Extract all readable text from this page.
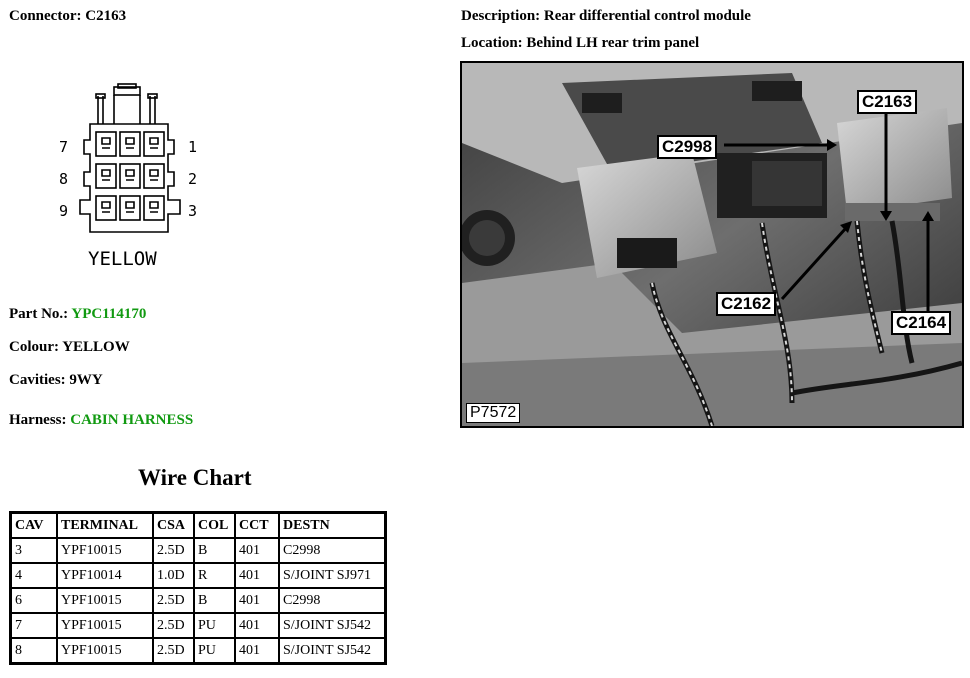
Connector: C2163	Description: Rear differential control module
Location: Behind LH rear trim panel
7
8
9
1
2
3
YELLOW
Part No.: YPC114170
Colour: YELLOW
Cavities: 9WY
Harness: CABIN HARNESS
Wire Chart
CAV	TERMINAL	CSA	COL	CCT	DESTN
3	YPF10015	2.5D	B	401	C2998
4	YPF10014	1.0D	R	401	S/JOINT SJ971
6	YPF10015	2.5D	B	401	C2998
7	YPF10015	2.5D	PU	401	S/JOINT SJ542
8	YPF10015	2.5D	PU	401	S/JOINT SJ542
C2998
C2163
C2162
C2164
P7572
